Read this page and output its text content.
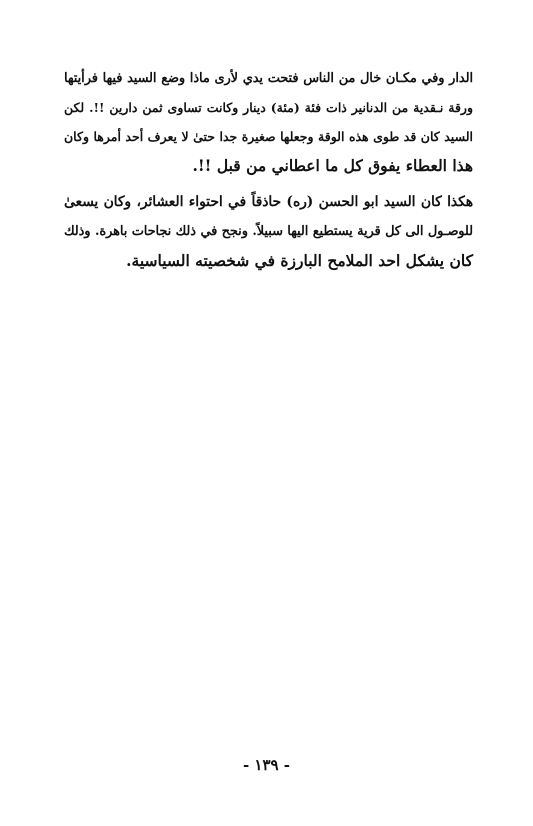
الدار وفي مكـان خال من الناس فتحت يدي لأرى ماذا وضع السيد فيها فرأيتها
ورقة نـقدية من الدنانير ذات فئة (مئة) دينار وكانت تساوى ثمن دارين !!. لكن
السيد كان قد طوى هذه الوقة وجعلها صغيرة جدا حتىٰ لا يعرف أحد أمرها وكان
هذا العطاء يفوق كل ما اعطاني من قبل !!.
هكذا كان السيد ابو الحسن (ره) حاذقاً في احتواء العشائر، وكان يسعىٰ
للوصـول الى كل قرية يستطيع اليها سبيلاً. ونجح في ذلك نجاحات باهرة. وذلك
كان يشكل احد الملامح البارزة في شخصيته السياسية.
- ١٣٩ -
